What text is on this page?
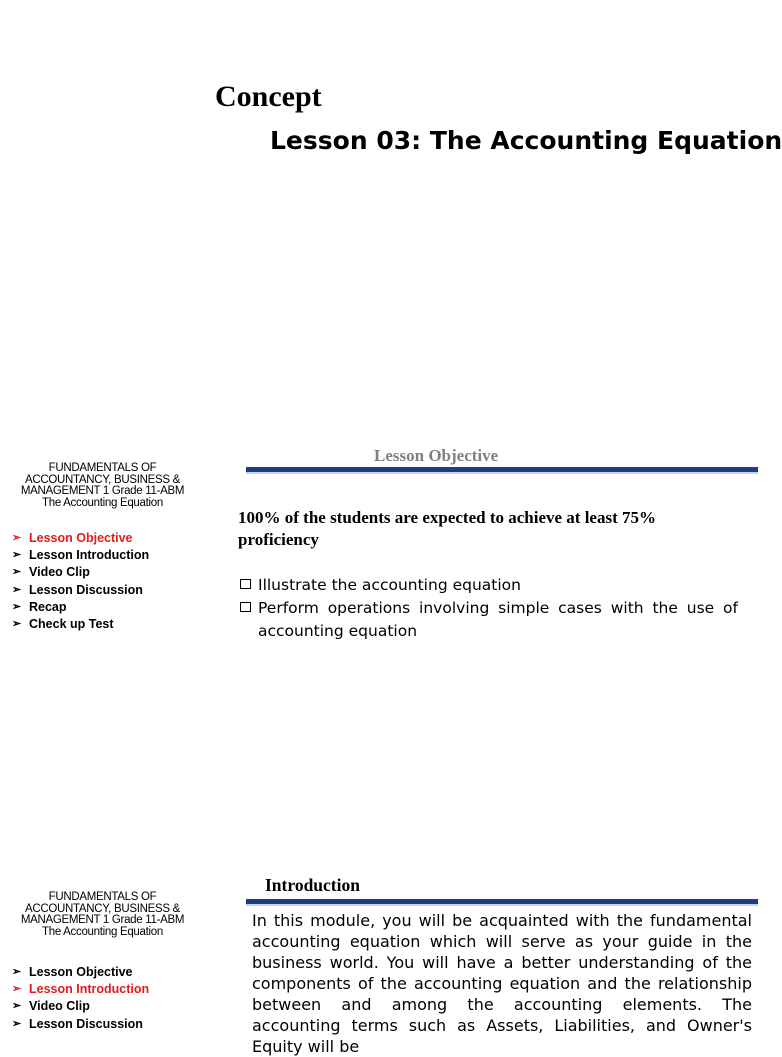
Concept
Lesson 03: The Accounting Equation
FUNDAMENTALS OF
ACCOUNTANCY, BUSINESS &
MANAGEMENT 1 Grade 11-ABM
The Accounting Equation
➢ Lesson Objective
➢ Lesson Introduction
➢ Video Clip
➢ Lesson Discussion
➢ Recap
➢ Check up Test
Lesson Objective

100% of the students are expected to achieve at least 75% proficiency

Illustrate the accounting equation
Perform operations involving simple cases with the use of accounting equation
FUNDAMENTALS OF
ACCOUNTANCY, BUSINESS &
MANAGEMENT 1 Grade 11-ABM
The Accounting Equation
➢ Lesson Objective
➢ Lesson Introduction
➢ Video Clip
➢ Lesson Discussion
Introduction

In this module, you will be acquainted with the fundamental accounting equation which will serve as your guide in the business world. You will have a better understanding of the components of the accounting equation and the relationship between and among the accounting elements. The accounting terms such as Assets, Liabilities, and Owner's Equity will be
